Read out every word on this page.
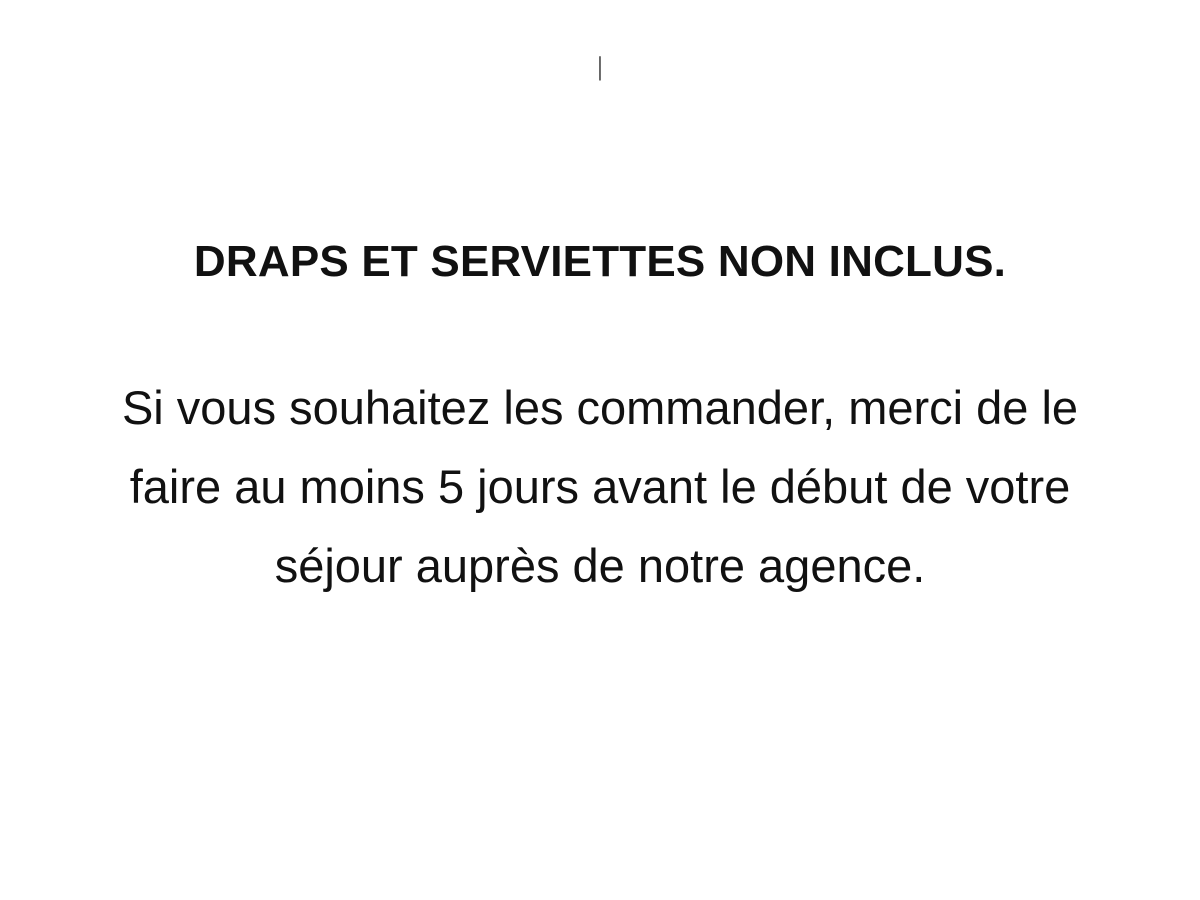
|
DRAPS ET SERVIETTES NON INCLUS.
Si vous souhaitez les commander, merci de le
faire au moins 5 jours avant le début de votre
séjour auprès de notre agence.
